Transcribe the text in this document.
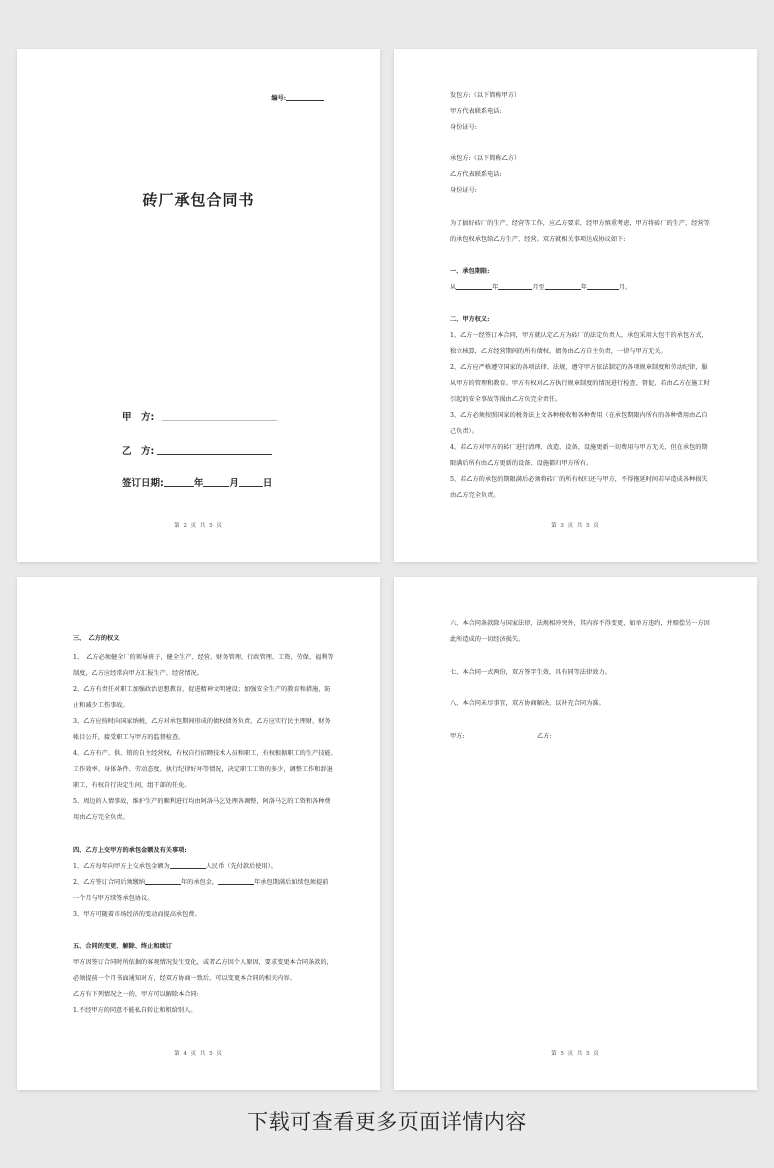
编号:
砖厂承包合同书
甲　方:
乙　方:
签订日期:	年	月	日
第 2 页 共 5 页
发包方:（以下简称甲方）
甲方代表联系电话:
身份证号:
承包方:（以下简称乙方）
乙方代表联系电话:
身份证号:
为了搞好砖厂的生产、经营等工作，应乙方要求，经甲方慎重考虑，甲方将砖厂的生产、经营等
的承包权承包给乙方生产、经营。双方就相关事项达成协议如下:
一、承包期限:
从	年	月至	年	月。
二、甲方权义:
1、乙方一经签订本合同，甲方就认定乙方为砖厂的法定负责人，承包采用大包干的承包方式，
独立核算，乙方经营期间的所有债权、债务由乙方自主负责，一律与甲方无关。
2、乙方应严格遵守国家的各项法律、法规，遵守甲方依法制定的各项规章制度和劳动纪律，服
从甲方的管理和教育。甲方有权对乙方执行规章制度的情况进行检查、督促，若由乙方在施工时
引起的安全事故等损由乙方负完全责任。
3、乙方必须按照国家的税务法上文各种税收和各种费用（在承包期限内所有的各种费用由乙自
己负责）。
4、若乙方对甲方的砖厂进行清理、改造、设备、设施更新一切费用与甲方无关，但在承包的期
限满后所有由乙方更新的设备、设施都归甲方所有。
5、若乙方的承包的期限满后必须将砖厂的所有权归还与甲方，不得拖延时间若早造成各种损失
由乙方完全负责。
第 3 页 共 5 页
三、　乙方的权义
1、　乙方必须健全厂的领导班子，健全生产、经营、财务管理、行政管理、工资、劳保、福利等
制度，乙方应经常向甲方汇报生产、经营情况。
2、乙方有责任对职工加强政治思想教育，促进精神文明建设；加强安全生产的教育和措施，防
止和减少工伤事故。
3、乙方应按时向国家纳税，乙方对承包期间形成的债权债务负责，乙方应实行民主理财，财务
帐目公开，接受职工与甲方的监督检查。
4、乙方有产、供、销的自主经营权，有权自行招聘技术人员和职工，有权根据职工的生产技能、
工作效率、身体条件、劳动态度、执行纪律好坏等情况，决定职工工资的多少，调整工作和辞退
职工，有权自行决定生间，组干部的任免。
5、周边的人情事故，维护生产的顺利进行均由阿洛马乞处理各调整，阿洛马乞的工资和各种费
用由乙方完全负责。
四、乙方上交甲方的承包金额及有关事项:
1、乙方每年向甲方上交承包金额为	人民币（先付款后使用）。
2、乙方签订合同后须缴纳	年的承包金，	年承包期满后如续包须提前
一个月与甲方续签承包协议。
3、甲方可随着市场经济的变动而提高承包费。
五、合同的变更、解除、终止和续订
甲方因签订合同时所依据的客观情况发生变化，或者乙方因个人原因，要求变更本合同条款的，
必须提前一个月书面通知对方，经双方协商一致后，可以变更本合同的相关内容。
乙方有下列情况之一的，甲方可以解除本合同:
1.不经甲方的同意不能私自转让和租给别人。
第 4 页 共 5 页
六、本合同条款除与国家法律、法规相冲突外，其内容不得变更，如单方违约，并赔偿另一方因
此所造成的一切经济损失。
七、本合同一式两份，双方签字生效，具有同等法律效力。
八、本合同未尽事宜，双方协商解决，以补充合同为准。
甲方:	乙方:
第 5 页 共 5 页
下载可查看更多页面详情内容
